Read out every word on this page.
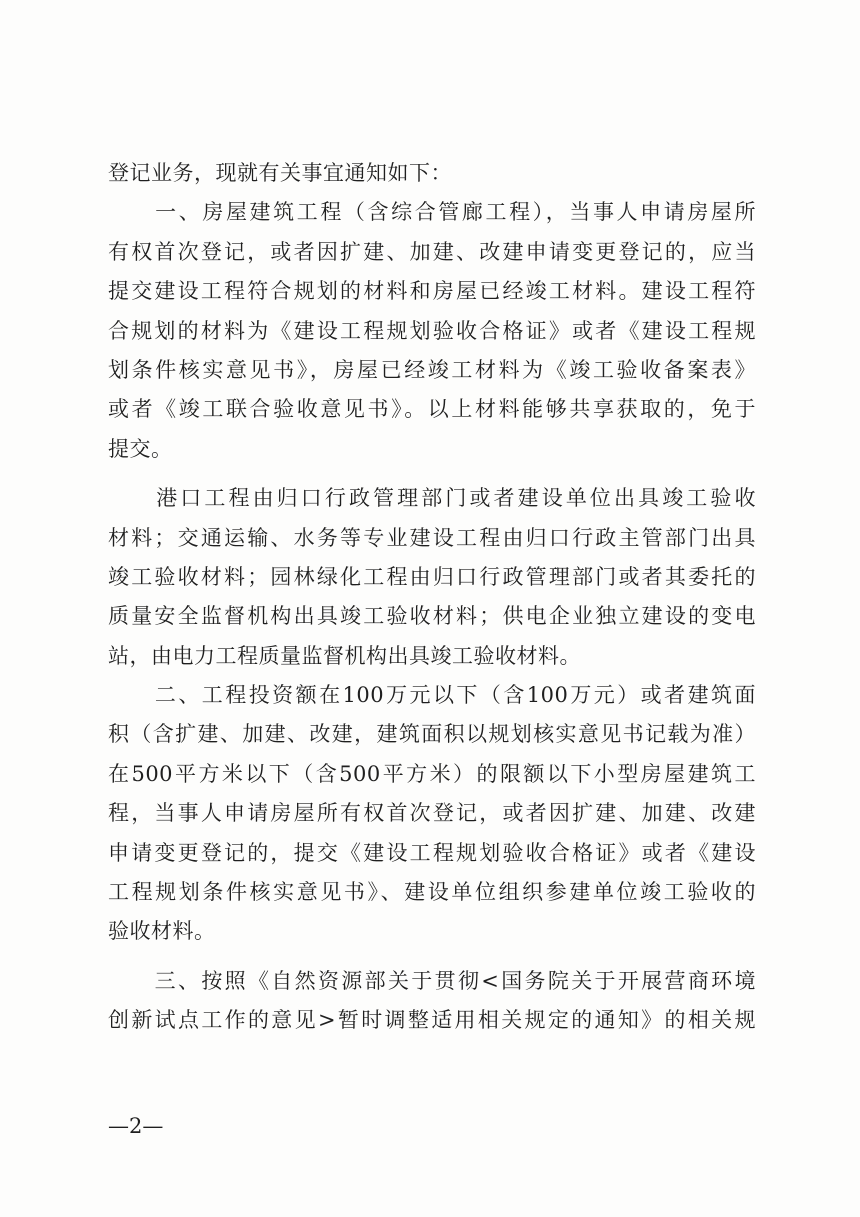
登记业务，现就有关事宜通知如下：
　　一、房屋建筑工程（含综合管廊工程），当事人申请房屋所
有权首次登记，或者因扩建、加建、改建申请变更登记的，应当
提交建设工程符合规划的材料和房屋已经竣工材料。建设工程符
合规划的材料为《建设工程规划验收合格证》或者《建设工程规
划条件核实意见书》，房屋已经竣工材料为《竣工验收备案表》
或者《竣工联合验收意见书》。以上材料能够共享获取的，免于
提交。
　　港口工程由归口行政管理部门或者建设单位出具竣工验收
材料；交通运输、水务等专业建设工程由归口行政主管部门出具
竣工验收材料；园林绿化工程由归口行政管理部门或者其委托的
质量安全监督机构出具竣工验收材料；供电企业独立建设的变电
站，由电力工程质量监督机构出具竣工验收材料。
　　二、工程投资额在100万元以下（含100万元）或者建筑面
积（含扩建、加建、改建，建筑面积以规划核实意见书记载为准）
在500平方米以下（含500平方米）的限额以下小型房屋建筑工
程，当事人申请房屋所有权首次登记，或者因扩建、加建、改建
申请变更登记的，提交《建设工程规划验收合格证》或者《建设
工程规划条件核实意见书》、建设单位组织参建单位竣工验收的
验收材料。
　　三、按照《自然资源部关于贯彻<国务院关于开展营商环境
创新试点工作的意见>暂时调整适用相关规定的通知》的相关规
—2—
